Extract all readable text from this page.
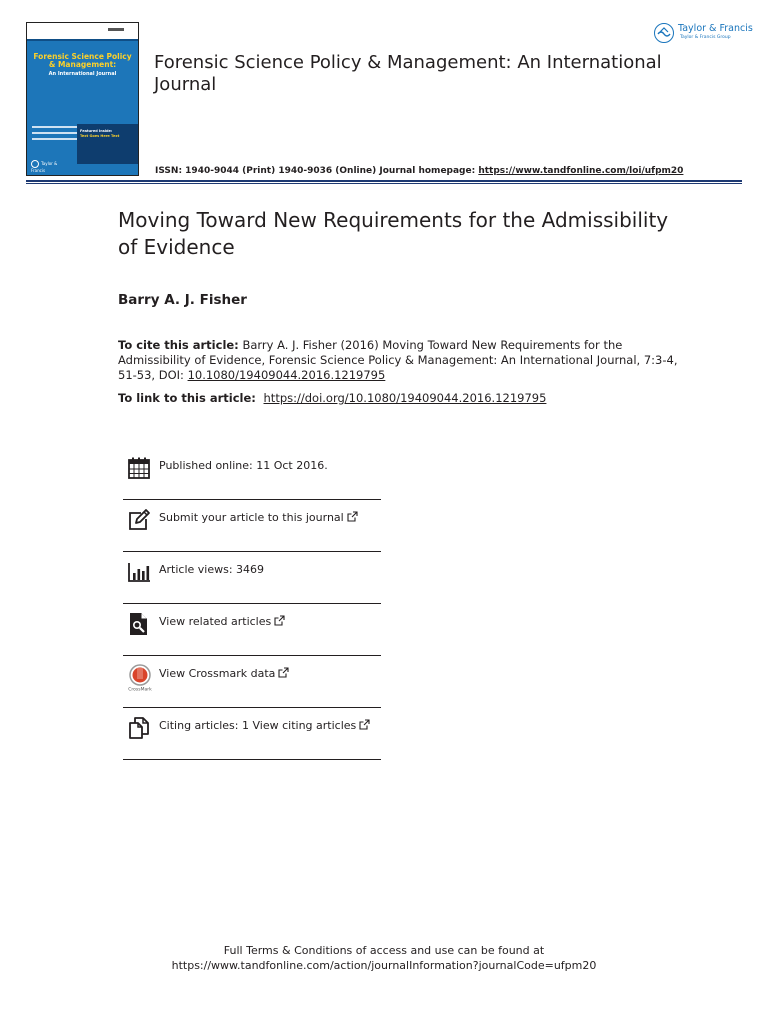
Forensic Science Policy & Management:
An International Journal
Featured Inside:
Text Goes Here Text
Taylor & Francis
Forensic Science Policy & Management: An International Journal
Taylor & Francis
Taylor & Francis Group
ISSN: 1940-9044 (Print) 1940-9036 (Online) Journal homepage: https://www.tandfonline.com/loi/ufpm20
Moving Toward New Requirements for the Admissibility of Evidence
Barry A. J. Fisher
To cite this article: Barry A. J. Fisher (2016) Moving Toward New Requirements for the Admissibility of Evidence, Forensic Science Policy & Management: An International Journal, 7:3-4, 51-53, DOI: 10.1080/19409044.2016.1219795
To link to this article:  https://doi.org/10.1080/19409044.2016.1219795
Published online: 11 Oct 2016.
Submit your article to this journal
Article views: 3469
View related articles
CrossMark
View Crossmark data
Citing articles: 1 View citing articles
Full Terms & Conditions of access and use can be found at
https://www.tandfonline.com/action/journalInformation?journalCode=ufpm20
